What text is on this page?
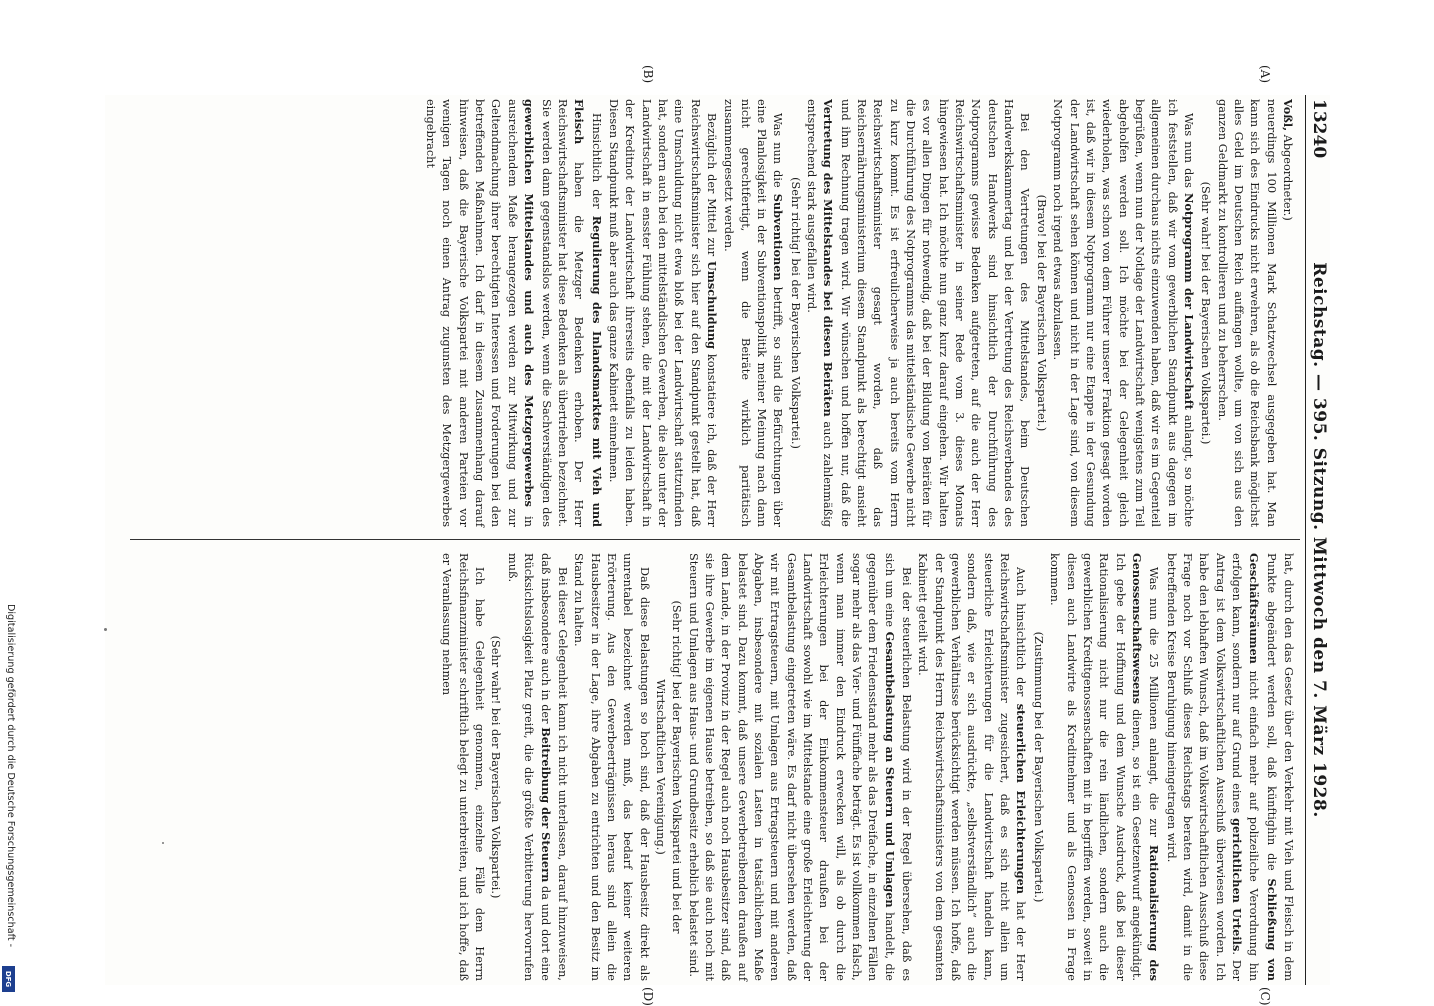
13240
Reichstag. — 395. Sitzung. Mittwoch den 7. März 1928.

Voßl, Abgeordneter.)

neuerdings 100 Millionen Mark Schatzwechsel ausgegeben hat. Man kann sich des Eindrucks nicht erwehren, als ob die Reichsbank möglichst alles Geld im Deutschen Reich auffangen wollte, um von sich aus den ganzen Geldmarkt zu kontrollieren und zu beherrschen.

(Sehr wahr! bei der Bayerischen Volkspartei.)

Was nun das Notprogramm der Landwirtschaft anlangt, so möchte ich feststellen, daß wir vom gewerblichen Standpunkt aus dagegen im allgemeinen durchaus nichts einzuwenden haben, daß wir es im Gegenteil begrüßen, wenn nun der Notlage der Landwirtschaft wenigstens zum Teil abgeholfen werden soll. Ich möchte bei der Gelegenheit gleich wiederholen, was schon von dem Führer unserer Fraktion gesagt worden ist, daß wir in diesem Notprogramm nur eine Etappe in der Gesundung der Landwirtschaft sehen können und nicht in der Lage sind, von diesem Notprogramm noch irgend etwas abzulassen.

(Bravo! bei der Bayerischen Volkspartei.)

Bei den Vertretungen des Mittelstandes, beim Deutschen Handwerkskammertag und bei der Vertretung des Reichsverbandes des deutschen Handwerks sind hinsichtlich der Durchführung des Notprogramms gewisse Bedenken aufgetreten, auf die auch der Herr Reichswirtschaftsminister in seiner Rede vom 3. dieses Monats hingewiesen hat. Ich möchte nun ganz kurz darauf eingehen. Wir halten es vor allen Dingen für notwendig, daß bei der Bildung von Beiräten für die Durchführung des Notprogramms das mittelständische Gewerbe nicht zu kurz kommt. Es ist erfreulicherweise ja auch bereits vom Herrn Reichswirtschaftsminister gesagt worden, daß das Reichsernährungsministerium diesem Standpunkt als berechtigt ansieht und ihm Rechnung tragen wird. Wir wünschen und hoffen nur, daß die Vertretung des Mittelstandes bei diesen Beiräten auch zahlenmäßig entsprechend stark ausgefallen wird.

(Sehr richtig! bei der Bayerischen Volkspartei.)

Was nun die Subventionen betrifft, so sind die Befürchtungen über eine Planlosigkeit in der Subventionspolitik meiner Meinung nach dann nicht gerechtfertigt, wenn die Beiräte wirklich paritätisch zusammengesetzt werden.

Bezüglich der Mittel zur Umschuldung konstatiere ich, daß der Herr Reichswirtschaftsminister sich hier auf den Standpunkt gestellt hat, daß eine Umschuldung nicht etwa bloß bei der Landwirtschaft stattzufinden hat, sondern auch bei den mittelständischen Gewerben, die also unter der Landwirtschaft in ensster Fühlung stehen, die mit der Landwirtschaft in der Kreditnot der Landwirtschaft ihrerseits ebenfalls zu leiden haben. Diesen Standpunkt muß aber auch das ganze Kabinett einnehmen.

Hinsichtlich der Regulierung des Inlandsmarktes mit Vieh und Fleisch haben die Metzger Bedenken erhoben. Der Herr Reichswirtschaftsminister hat diese Bedenken als übertrieben bezeichnet. Sie werden dann gegenstandslos werden, wenn die Sachverständigen des gewerblichen Mittelstandes und auch des Metzgergewerbes in ausreichendem Maße herangezogen werden zur Mitwirkung und zur Geltendmachung ihrer berechtigten Interessen und Forderungen bei den betreffenden Maßnahmen. Ich darf in diesem Zusammenhang darauf hinweisen, daß die Bayerische Volkspartei mit anderen Parteien vor wenigen Tagen noch einen Antrag zugunsten des Metzgergewerbes eingebracht

hat, durch den das Gesetz über den Verkehr mit Vieh und Fleisch in dem Punkte abgeändert werden soll, daß künftighin die Schließung von Geschäftsräumen nicht einfach mehr auf polizeiliche Verordnung hin erfolgen kann, sondern nur auf Grund eines gerichtlichen Urteils. Der Antrag ist dem Volkswirtschaftlichen Ausschuß überwiesen worden. Ich habe den lebhaften Wunsch, daß im Volkswirtschaftlichen Ausschuß diese Frage noch vor Schluß dieses Reichstags beraten wird, damit in die betreffenden Kreise Beruhigung hineingetragen wird.

Was nun die 25 Millionen anlangt, die zur Rationalisierung des Genossenschaftswesens dienen, so ist ein Gesetzentwurf angekündigt. Ich gebe der Hoffnung und dem Wunsche Ausdruck, daß bei dieser Rationalisierung nicht nur die rein ländlichen, sondern auch die gewerblichen Kreditgenossenschaften mit in begriffen werden, soweit in diesen auch Landwirte als Kreditnehmer und als Genossen in Frage kommen.

(Zustimmung bei der Bayerischen Volkspartei.)

Auch hinsichtlich der steuerlichen Erleichterungen hat der Herr Reichswirtschaftsminister zugesichert, daß es sich nicht allein um steuerliche Erleichterungen für die Landwirtschaft handeln kann, sondern daß, wie er sich ausdrückte, „selbstverständlich“ auch die gewerblichen Verhältnisse berücksichtigt werden müssen. Ich hoffe, daß der Standpunkt des Herrn Reichswirtschaftsministers von dem gesamten Kabinett geteilt wird.

Bei der steuerlichen Belastung wird in der Regel übersehen, daß es sich um eine Gesamtbelastung an Steuern und Umlagen handelt, die gegenüber dem Friedensstand mehr als das Dreifache, in einzelnen Fällen sogar mehr als das Vier- und Fünffache beträgt. Es ist vollkommen falsch, wenn man immer den Eindruck erwecken will, als ob durch die Erleichterungen bei der Einkommensteuer draußen bei der Landwirtschaft sowohl wie im Mittelstande eine große Erleichterung der Gesamtbelastung eingetreten wäre. Es darf nicht übersehen werden, daß wir mit Ertragsteuern, mit Umlagen aus Ertragsteuern und mit anderen Abgaben, insbesondere mit sozialen Lasten in tatsächlichem Maße belastet sind. Dazu kommt, daß unsere Gewerbetreibenden draußen auf dem Lande, in der Provinz in der Regel auch noch Hausbesitzer sind, daß sie ihre Gewerbe im eigenen Hause betreiben, so daß sie auch noch mit Steuern und Umlagen aus Haus- und Grundbesitz erheblich belastet sind.

(Sehr richtig! bei der Bayerischen Volkspartei und bei der Wirtschaftlichen Vereinigung.)

Daß diese Belastungen so hoch sind, daß der Hausbesitz direkt als unrentabel bezeichnet werden muß, das bedarf keiner weiteren Erörterung. Aus den Gewerbeerträgnissen heraus sind allein die Hausbesitzer in der Lage, ihre Abgaben zu entrichten und den Besitz im Stand zu halten.

Bei dieser Gelegenheit kann ich nicht unterlassen, darauf hinzuweisen, daß insbesondere auch in der Beitreibung der Steuern da und dort eine Rücksichtslosigkeit Platz greift, die die größte Verbitterung hervorrufen muß.

(Sehr wahr! bei der Bayerischen Volkspartei.)

Ich habe Gelegenheit genommen, einzelne Fälle dem Herrn Reichsfinanzminister schriftlich belegt zu unterbreiten, und ich hoffe, daß er Veranlassung nehmen

(A)
(B)
(C)
(D)
Digitalisierung gefördert durch die Deutsche Forschungsgemeinschaft -
DFG
